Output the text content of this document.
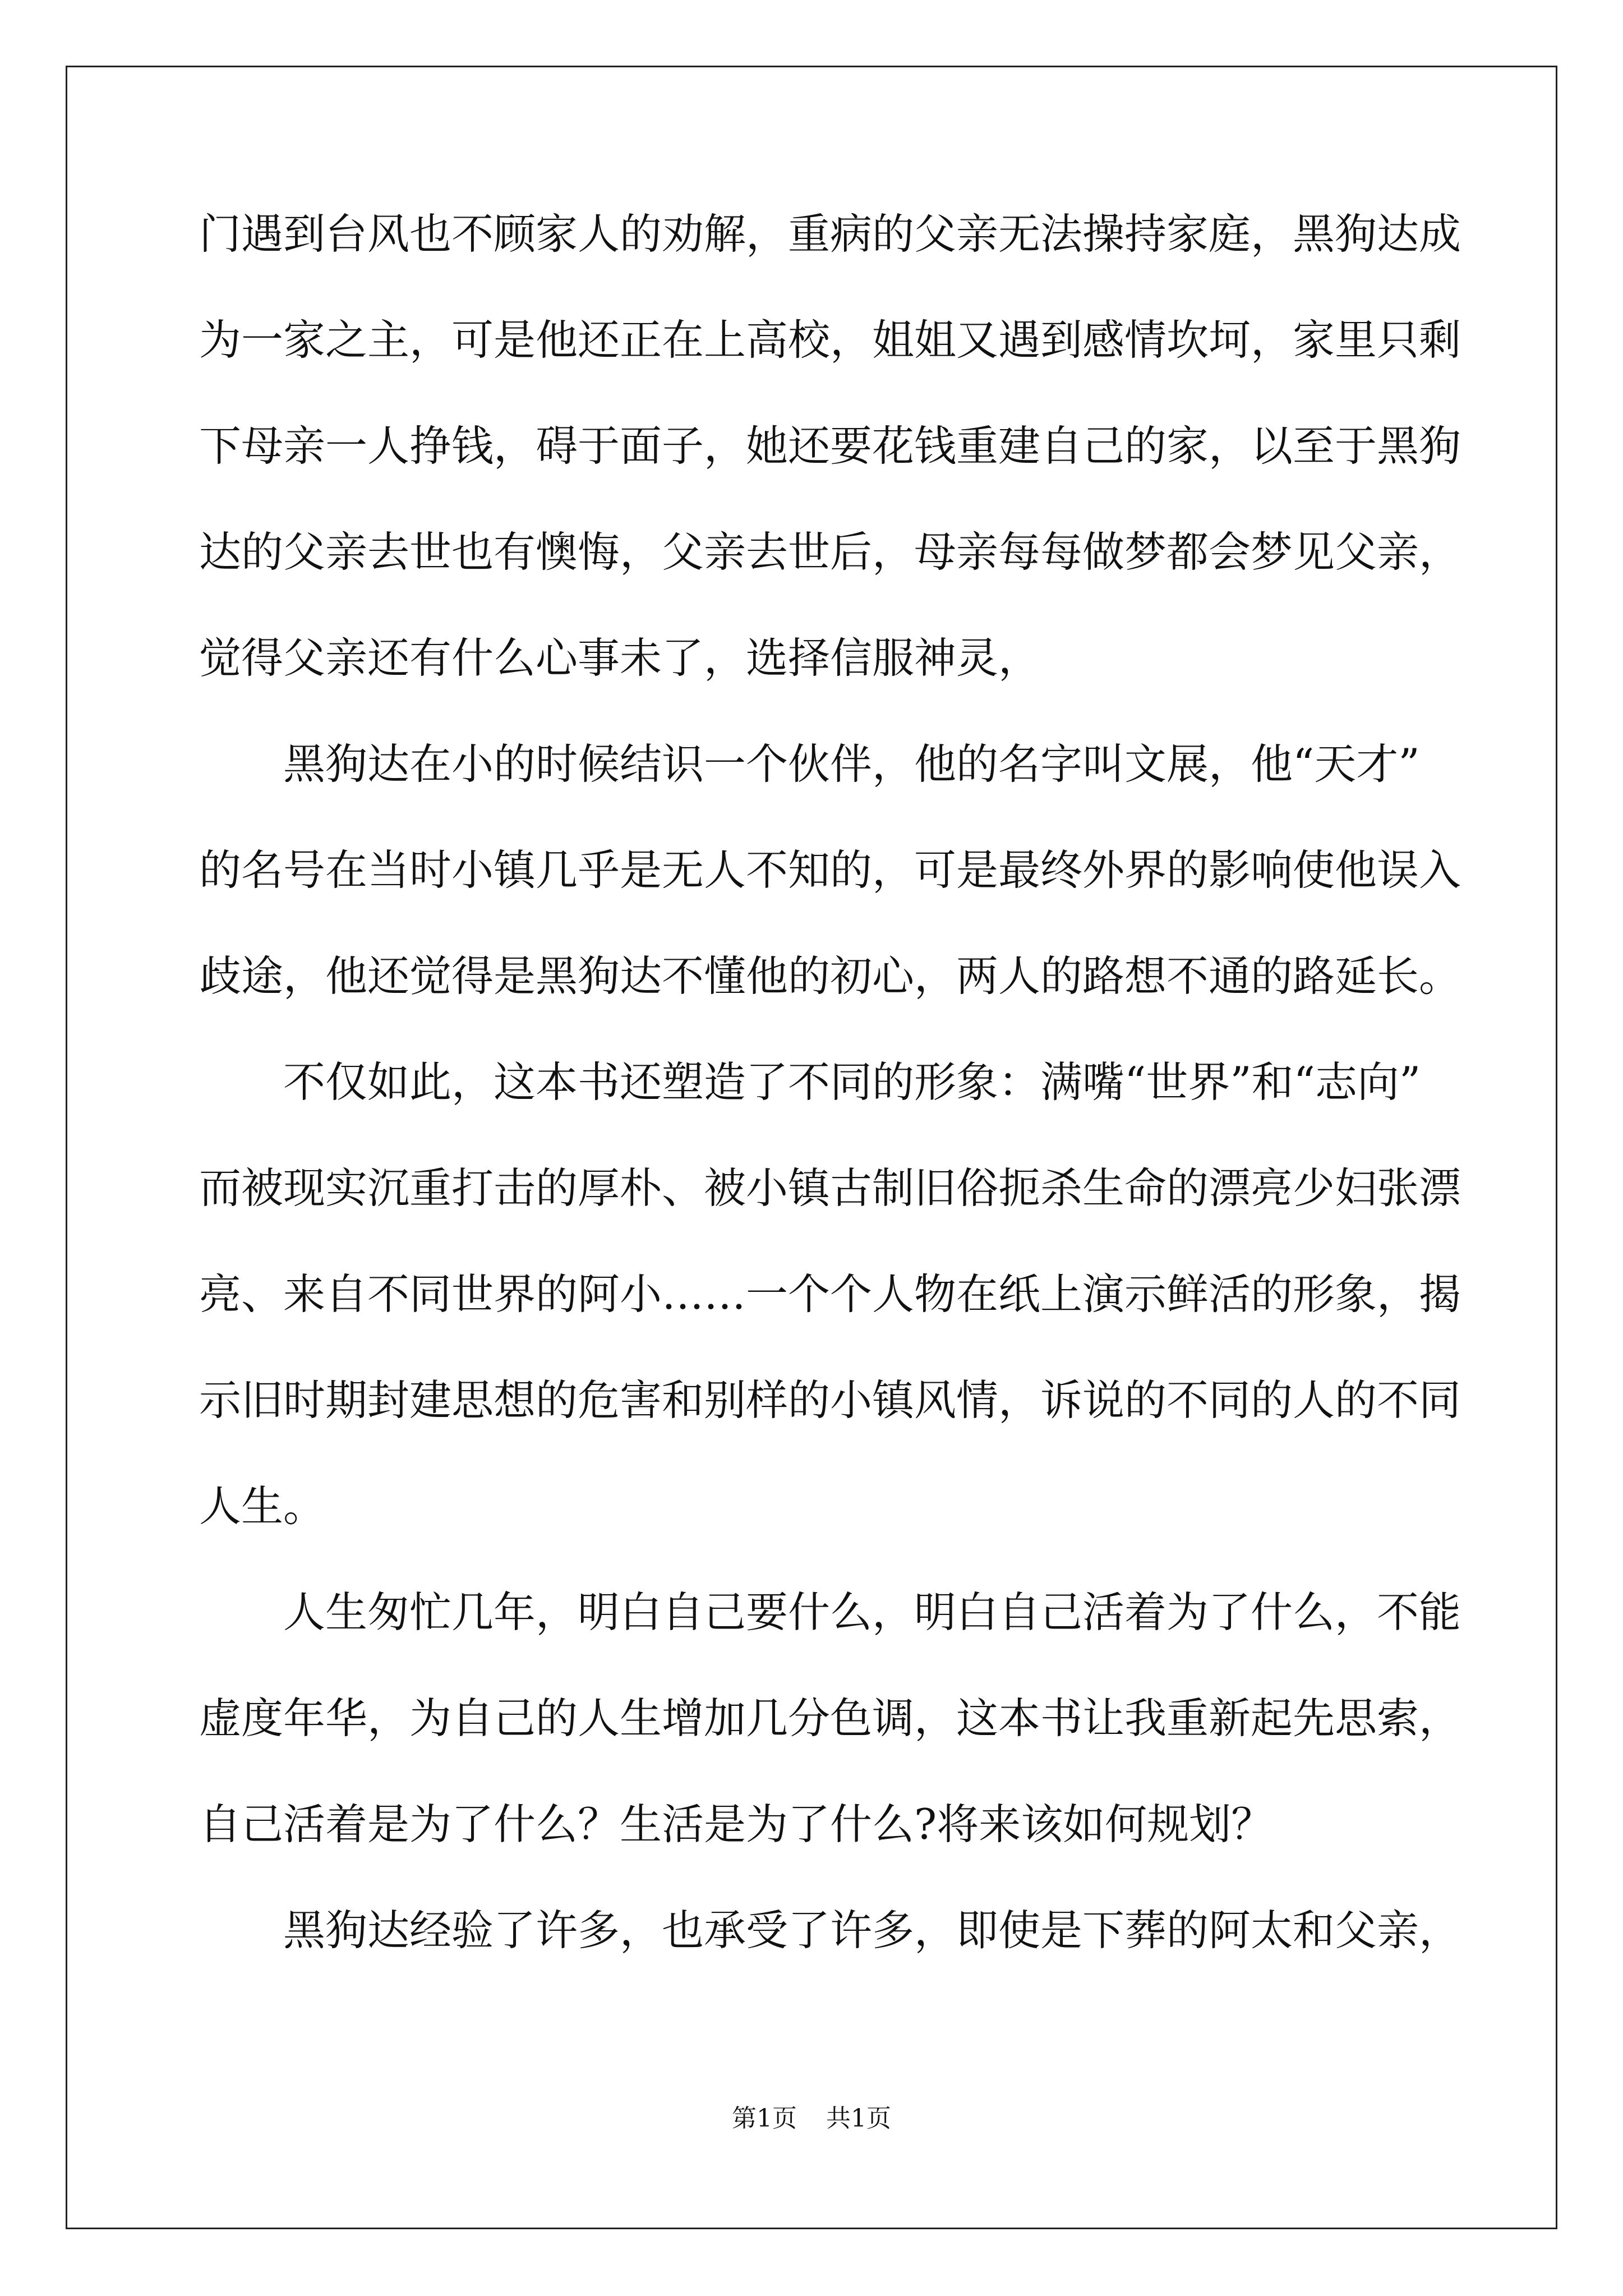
门遇到台风也不顾家人的劝解，重病的父亲无法操持家庭，黑狗达成
为一家之主，可是他还正在上高校，姐姐又遇到感情坎坷，家里只剩
下母亲一人挣钱，碍于面子，她还要花钱重建自己的家，以至于黑狗
达的父亲去世也有懊悔，父亲去世后，母亲每每做梦都会梦见父亲，
觉得父亲还有什么心事未了，选择信服神灵，
　　黑狗达在小的时候结识一个伙伴，他的名字叫文展，他“天才”
的名号在当时小镇几乎是无人不知的，可是最终外界的影响使他误入
歧途，他还觉得是黑狗达不懂他的初心，两人的路想不通的路延长。
　　不仅如此，这本书还塑造了不同的形象：满嘴“世界”和“志向”
而被现实沉重打击的厚朴、被小镇古制旧俗扼杀生命的漂亮少妇张漂
亮、来自不同世界的阿小……一个个人物在纸上演示鲜活的形象，揭
示旧时期封建思想的危害和别样的小镇风情，诉说的不同的人的不同
人生。
　　人生匆忙几年，明白自己要什么，明白自己活着为了什么，不能
虚度年华，为自己的人生增加几分色调，这本书让我重新起先思索，
自己活着是为了什么？生活是为了什么?将来该如何规划？
　　黑狗达经验了许多，也承受了许多，即使是下葬的阿太和父亲，
第1页 共1页
